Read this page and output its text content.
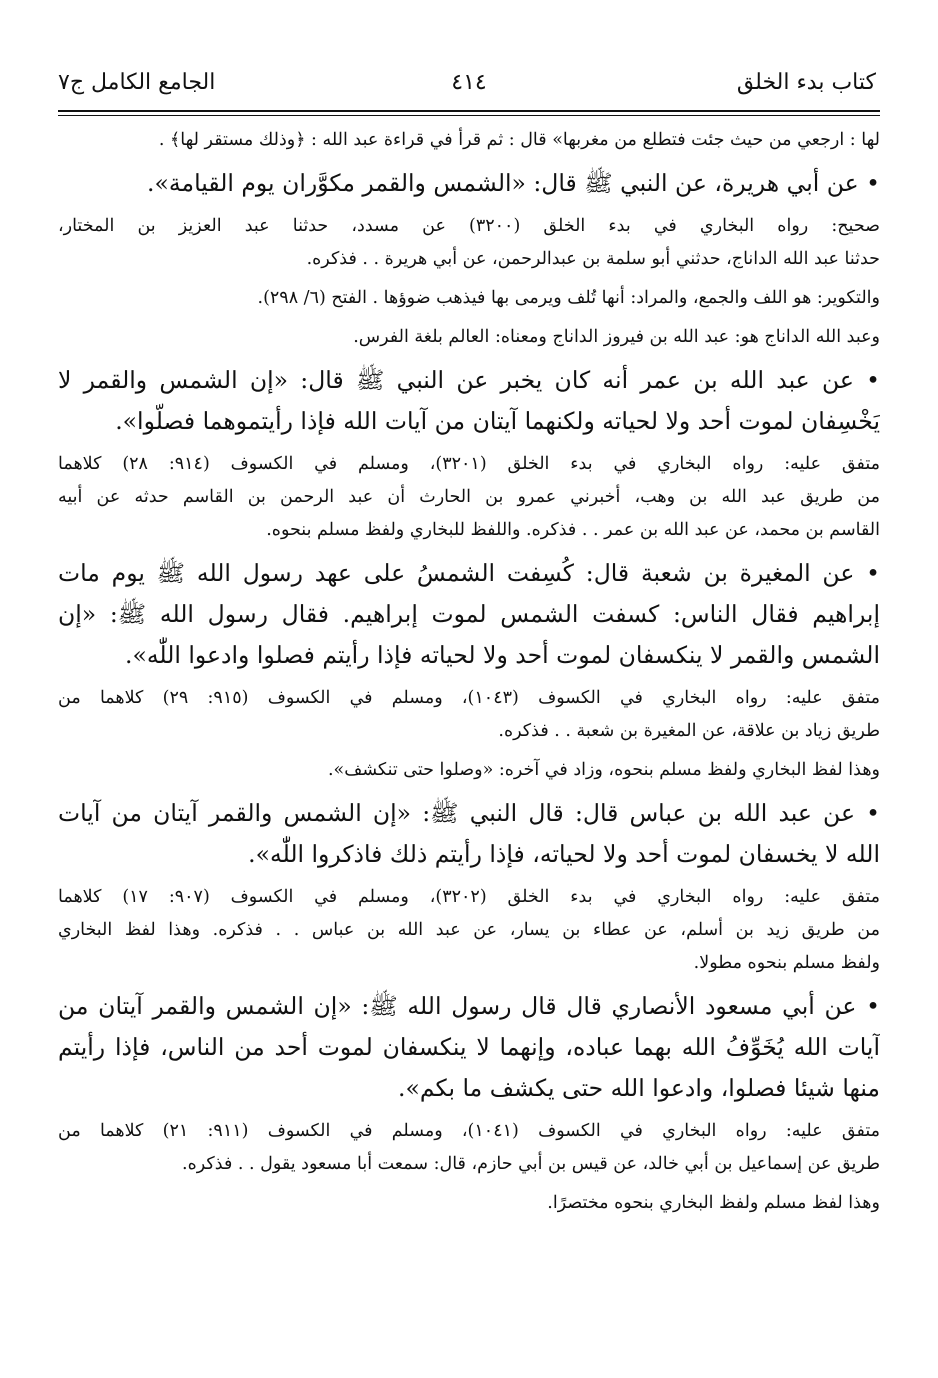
كتاب بدء الخلق
٤١٤
الجامع الكامل ج٧
لها : ارجعي من حيث جئت فتطلع من مغربها» قال : ثم قرأ في قراءة عبد الله : ﴿وذلك مستقر لها﴾ .
• عن أبي هريرة، عن النبي ﷺ قال: «الشمس والقمر مكوَّران يوم القيامة».
صحيح: رواه البخاري في بدء الخلق (٣٢٠٠) عن مسدد، حدثنا عبد العزيز بن المختار،
حدثنا عبد الله الداناج، حدثني أبو سلمة بن عبدالرحمن، عن أبي هريرة . . فذكره.
والتكوير: هو اللف والجمع، والمراد: أنها تُلف ويرمى بها فيذهب ضوؤها . الفتح (٦/ ٢٩٨).
وعبد الله الداناج هو: عبد الله بن فيروز الداناج ومعناه: العالم بلغة الفرس.
• عن عبد الله بن عمر أنه كان يخبر عن النبي ﷺ قال: «إن الشمس والقمر لا
يَخْسِفان لموت أحد ولا لحياته ولكنهما آيتان من آيات الله فإذا رأيتموهما فصلّوا».
متفق عليه: رواه البخاري في بدء الخلق (٣٢٠١)، ومسلم في الكسوف (٩١٤: ٢٨) كلاهما
من طريق عبد الله بن وهب، أخبرني عمرو بن الحارث أن عبد الرحمن بن القاسم حدثه عن أبيه
القاسم بن محمد، عن عبد الله بن عمر . . فذكره. واللفظ للبخاري ولفظ مسلم بنحوه.
• عن المغيرة بن شعبة قال: كُسِفت الشمسُ على عهد رسول الله ﷺ يوم مات
إبراهيم فقال الناس: كسفت الشمس لموت إبراهيم. فقال رسول الله ﷺ: «إن
الشمس والقمر لا ينكسفان لموت أحد ولا لحياته فإذا رأيتم فصلوا وادعوا اللّٰه».
متفق عليه: رواه البخاري في الكسوف (١٠٤٣)، ومسلم في الكسوف (٩١٥: ٢٩) كلاهما من
طريق زياد بن علاقة، عن المغيرة بن شعبة . . فذكره.
وهذا لفظ البخاري ولفظ مسلم بنحوه، وزاد في آخره: «وصلوا حتى تنكشف».
• عن عبد الله بن عباس قال: قال النبي ﷺ: «إن الشمس والقمر آيتان من آيات
الله لا يخسفان لموت أحد ولا لحياته، فإذا رأيتم ذلك فاذكروا اللّٰه».
متفق عليه: رواه البخاري في بدء الخلق (٣٢٠٢)، ومسلم في الكسوف (٩٠٧: ١٧) كلاهما
من طريق زيد بن أسلم، عن عطاء بن يسار، عن عبد الله بن عباس . . فذكره. وهذا لفظ البخاري
ولفظ مسلم بنحوه مطولا.
• عن أبي مسعود الأنصاري قال قال رسول الله ﷺ: «إن الشمس والقمر آيتان من
آيات الله يُخَوِّفُ الله بهما عباده، وإنهما لا ينكسفان لموت أحد من الناس، فإذا رأيتم
منها شيئا فصلوا، وادعوا الله حتى يكشف ما بكم».
متفق عليه: رواه البخاري في الكسوف (١٠٤١)، ومسلم في الكسوف (٩١١: ٢١) كلاهما من
طريق عن إسماعيل بن أبي خالد، عن قيس بن أبي حازم، قال: سمعت أبا مسعود يقول . . فذكره.
وهذا لفظ مسلم ولفظ البخاري بنحوه مختصرًا.
